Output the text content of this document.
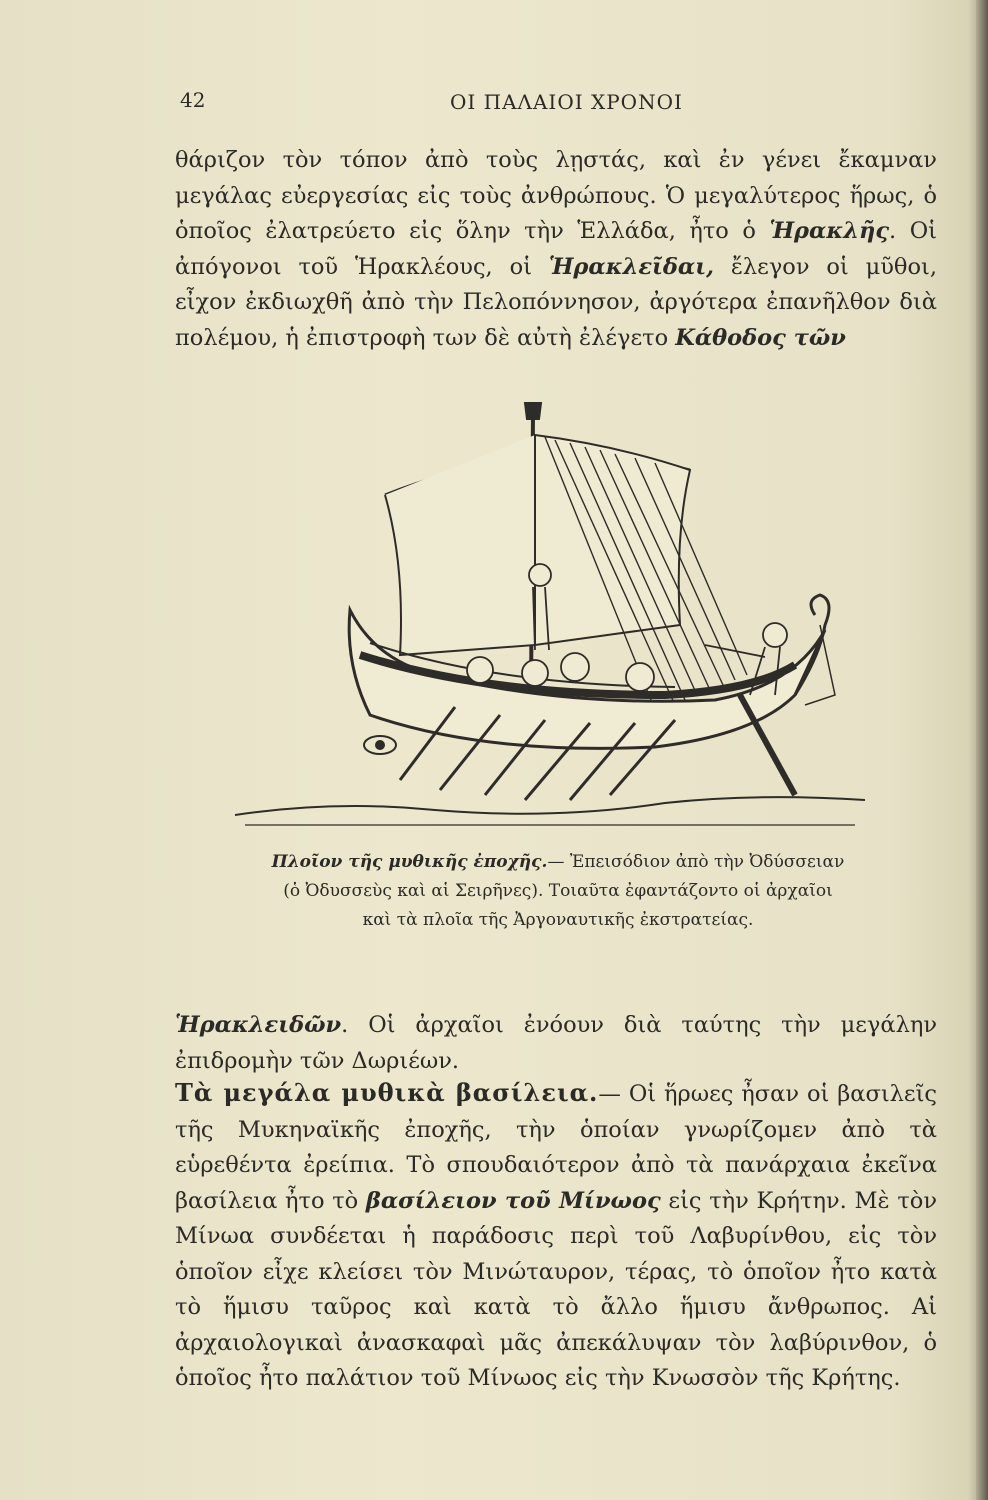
42	ΟΙ ΠΑΛΑΙΟΙ ΧΡΟΝΟΙ

θάριζον τὸν τόπον ἀπὸ τοὺς λῃστάς, καὶ ἐν γένει ἔκαμναν μεγάλας εὐεργεσίας εἰς τοὺς ἀνθρώπους. Ὁ μεγαλύτερος ἥρως, ὁ ὁποῖος ἐλατρεύετο εἰς ὅλην τὴν Ἑλλάδα, ἦτο ὁ Ἡρακλῆς. Οἱ ἀπόγονοι τοῦ Ἡρακλέους, οἱ Ἡρακλεῖδαι, ἔλεγον οἱ μῦθοι, εἶχον ἐκδιωχθῆ ἀπὸ τὴν Πελοπόννησον, ἀργότερα ἐπανῆλθον διὰ πολέμου, ἡ ἐπιστροφὴ των δὲ αὐτὴ ἐλέγετο Κάθοδος τῶν

Πλοῖον τῆς μυθικῆς ἐποχῆς.— Ἐπεισόδιον ἀπὸ τὴν Ὀδύσσειαν (ὁ Ὀδυσσεὺς καὶ αἱ Σειρῆνες). Τοιαῦτα ἐφαντάζοντο οἱ ἀρχαῖοι καὶ τὰ πλοῖα τῆς Ἀργοναυτικῆς ἐκστρατείας.

Ἡρακλειδῶν. Οἱ ἀρχαῖοι ἐνόουν διὰ ταύτης τὴν μεγάλην ἐπιδρομὴν τῶν Δωριέων.

Τὰ μεγάλα μυθικὰ βασίλεια.— Οἱ ἥρωες ἦσαν οἱ βασιλεῖς τῆς Μυκηναϊκῆς ἐποχῆς, τὴν ὁποίαν γνωρίζομεν ἀπὸ τὰ εὑρεθέντα ἐρείπια. Τὸ σπουδαιότερον ἀπὸ τὰ πανάρχαια ἐκεῖνα βασίλεια ἦτο τὸ βασίλειον τοῦ Μίνωος εἰς τὴν Κρήτην. Μὲ τὸν Μίνωα συνδέεται ἡ παράδοσις περὶ τοῦ Λαβυρίνθου, εἰς τὸν ὁποῖον εἶχε κλείσει τὸν Μινώταυρον, τέρας, τὸ ὁποῖον ἦτο κατὰ τὸ ἥμισυ ταῦρος καὶ κατὰ τὸ ἄλλο ἥμισυ ἄνθρωπος. Αἱ ἀρχαιολογικαὶ ἀνασκαφαὶ μᾶς ἀπεκάλυψαν τὸν λαβύρινθον, ὁ ὁποῖος ἦτο παλάτιον τοῦ Μίνωος εἰς τὴν Κνωσσὸν τῆς Κρήτης.
